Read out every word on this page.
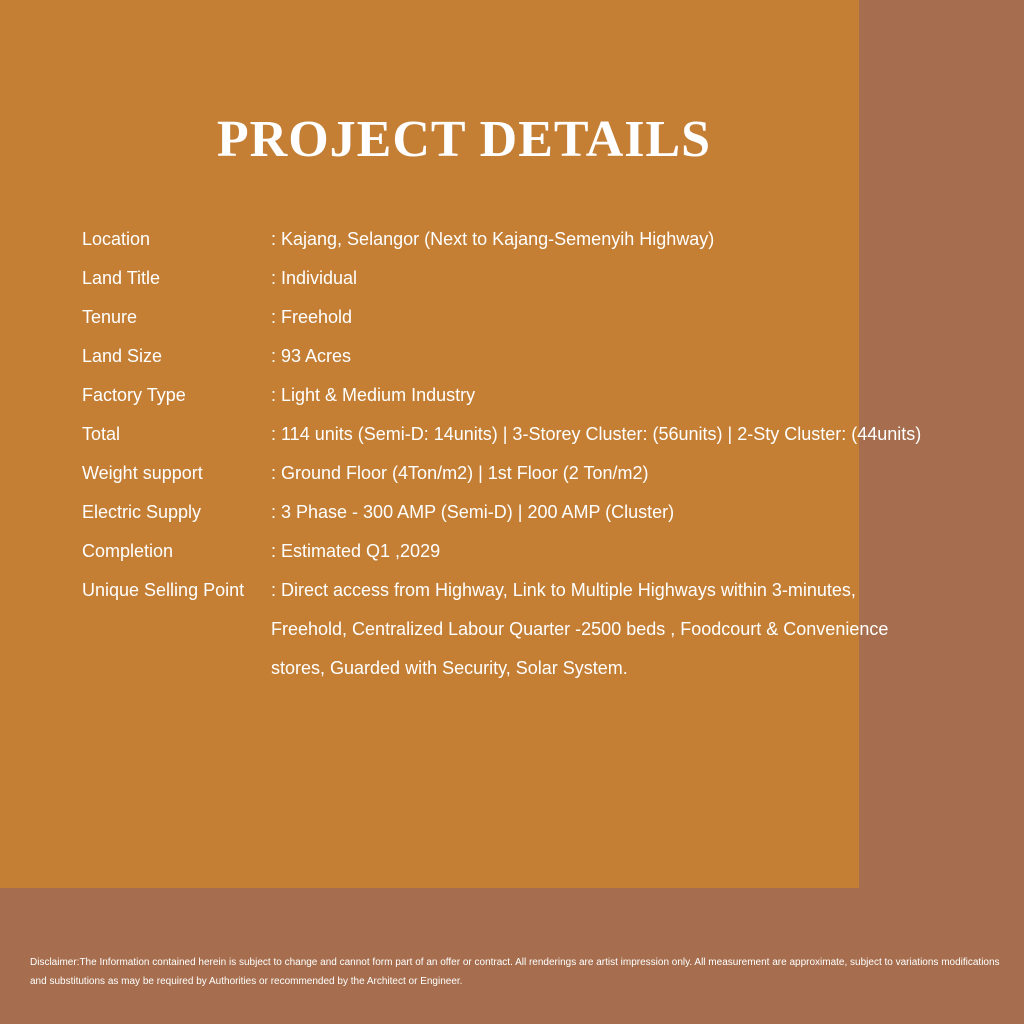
PROJECT DETAILS
Location	: Kajang, Selangor (Next to Kajang-Semenyih Highway)
Land Title	: Individual
Tenure	: Freehold
Land Size	: 93 Acres
Factory Type	: Light & Medium Industry
Total	: 114 units (Semi-D: 14units) | 3-Storey Cluster: (56units) | 2-Sty Cluster: (44units)
Weight support	: Ground Floor (4Ton/m2) | 1st Floor (2 Ton/m2)
Electric Supply	: 3 Phase - 300 AMP (Semi-D) | 200 AMP (Cluster)
Completion	: Estimated Q1 ,2029
Unique Selling Point	: Direct access from Highway, Link to Multiple Highways within 3-minutes, Freehold, Centralized Labour Quarter -2500 beds , Foodcourt & Convenience stores, Guarded with Security, Solar System.

Disclaimer:The Information contained herein is subject to change and cannot form part of an offer or contract. All renderings are artist impression only. All measurement are approximate, subject to variations modifications and substitutions as may be required by Authorities or recommended by the Architect or Engineer.
